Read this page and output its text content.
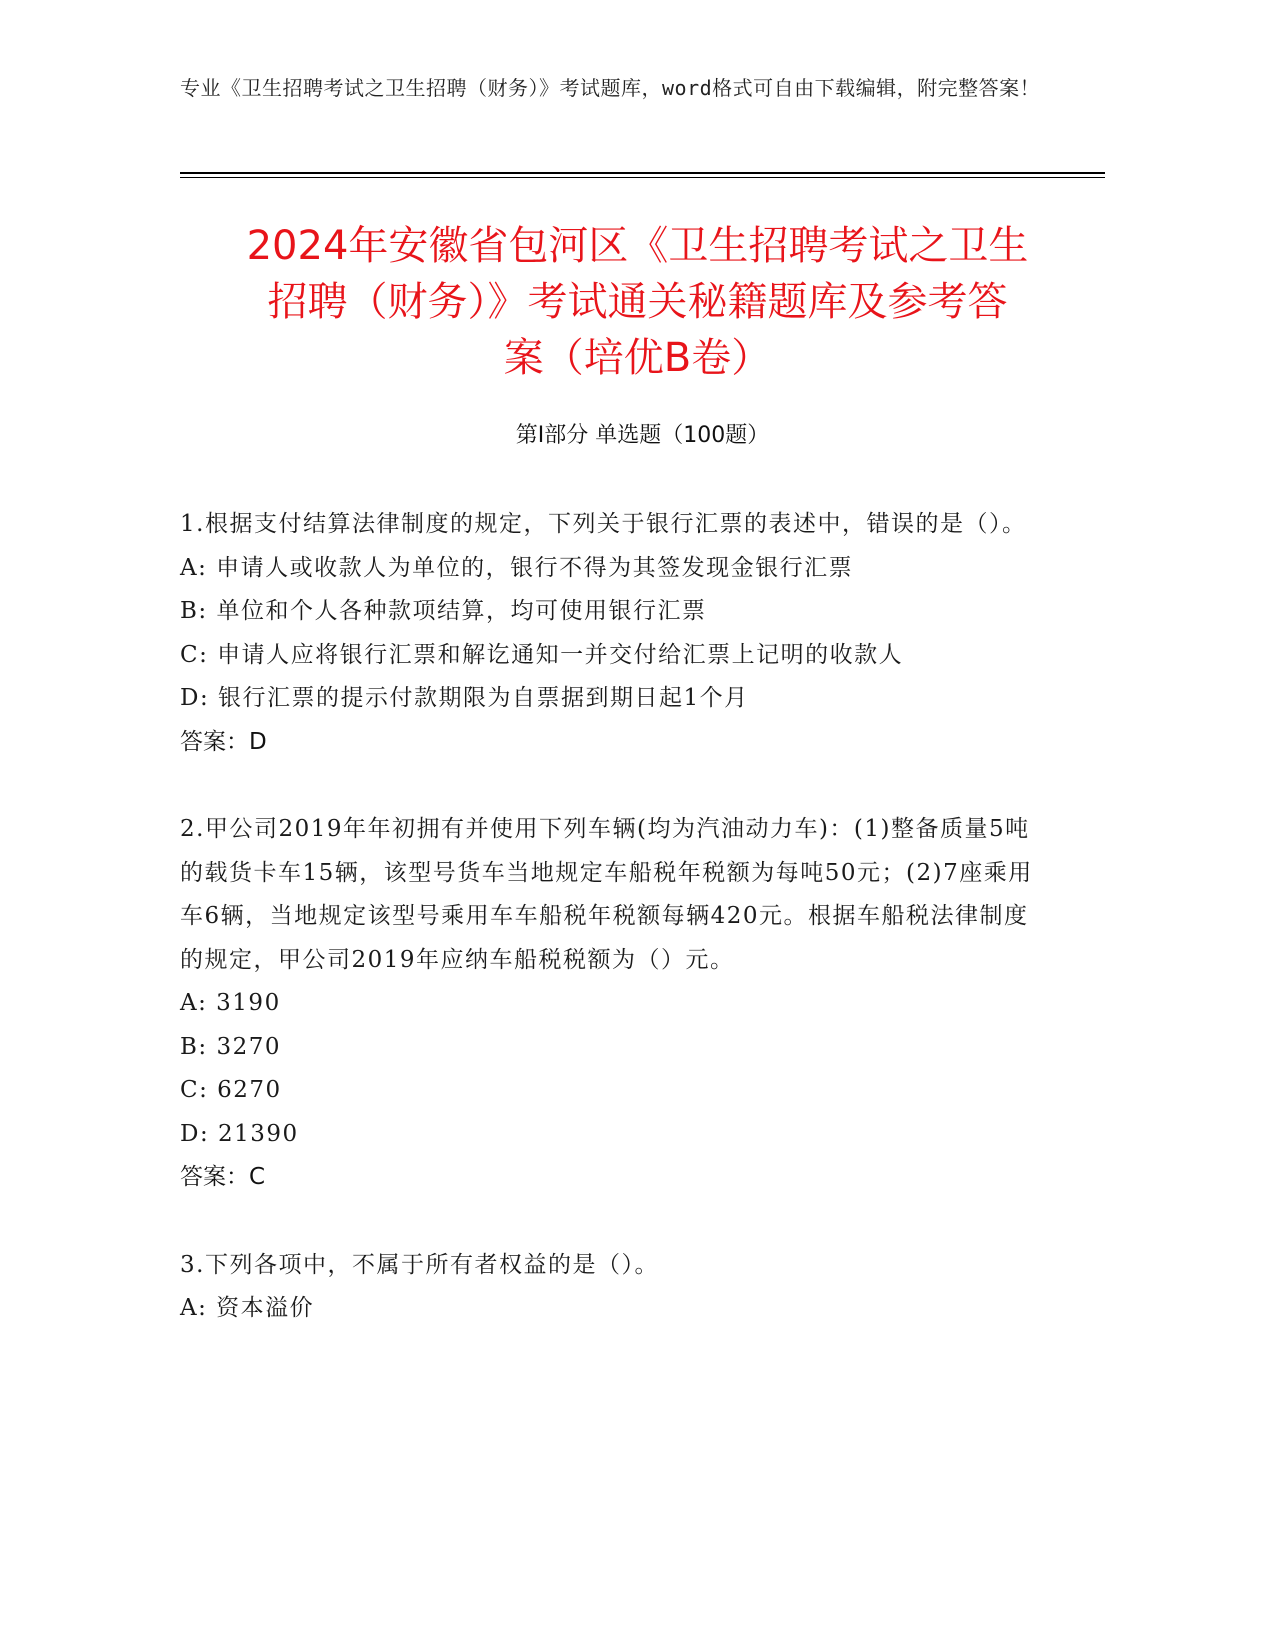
专业《卫生招聘考试之卫生招聘（财务）》考试题库，word格式可自由下载编辑，附完整答案！
2024年安徽省包河区《卫生招聘考试之卫生
招聘（财务）》考试通关秘籍题库及参考答
案（培优B卷）
第Ⅰ部分 单选题（100题）
1.根据支付结算法律制度的规定，下列关于银行汇票的表述中，错误的是（）。
A: 申请人或收款人为单位的，银行不得为其签发现金银行汇票
B: 单位和个人各种款项结算，均可使用银行汇票
C: 申请人应将银行汇票和解讫通知一并交付给汇票上记明的收款人
D: 银行汇票的提示付款期限为自票据到期日起1个月
答案：D
2.甲公司2019年年初拥有并使用下列车辆(均为汽油动力车)：(1)整备质量5吨的载货卡车15辆，该型号货车当地规定车船税年税额为每吨50元；(2)7座乘用车6辆，当地规定该型号乘用车车船税年税额每辆420元。根据车船税法律制度的规定，甲公司2019年应纳车船税税额为（）元。
A: 3190
B: 3270
C: 6270
D: 21390
答案：C
3.下列各项中，不属于所有者权益的是（）。
A: 资本溢价
